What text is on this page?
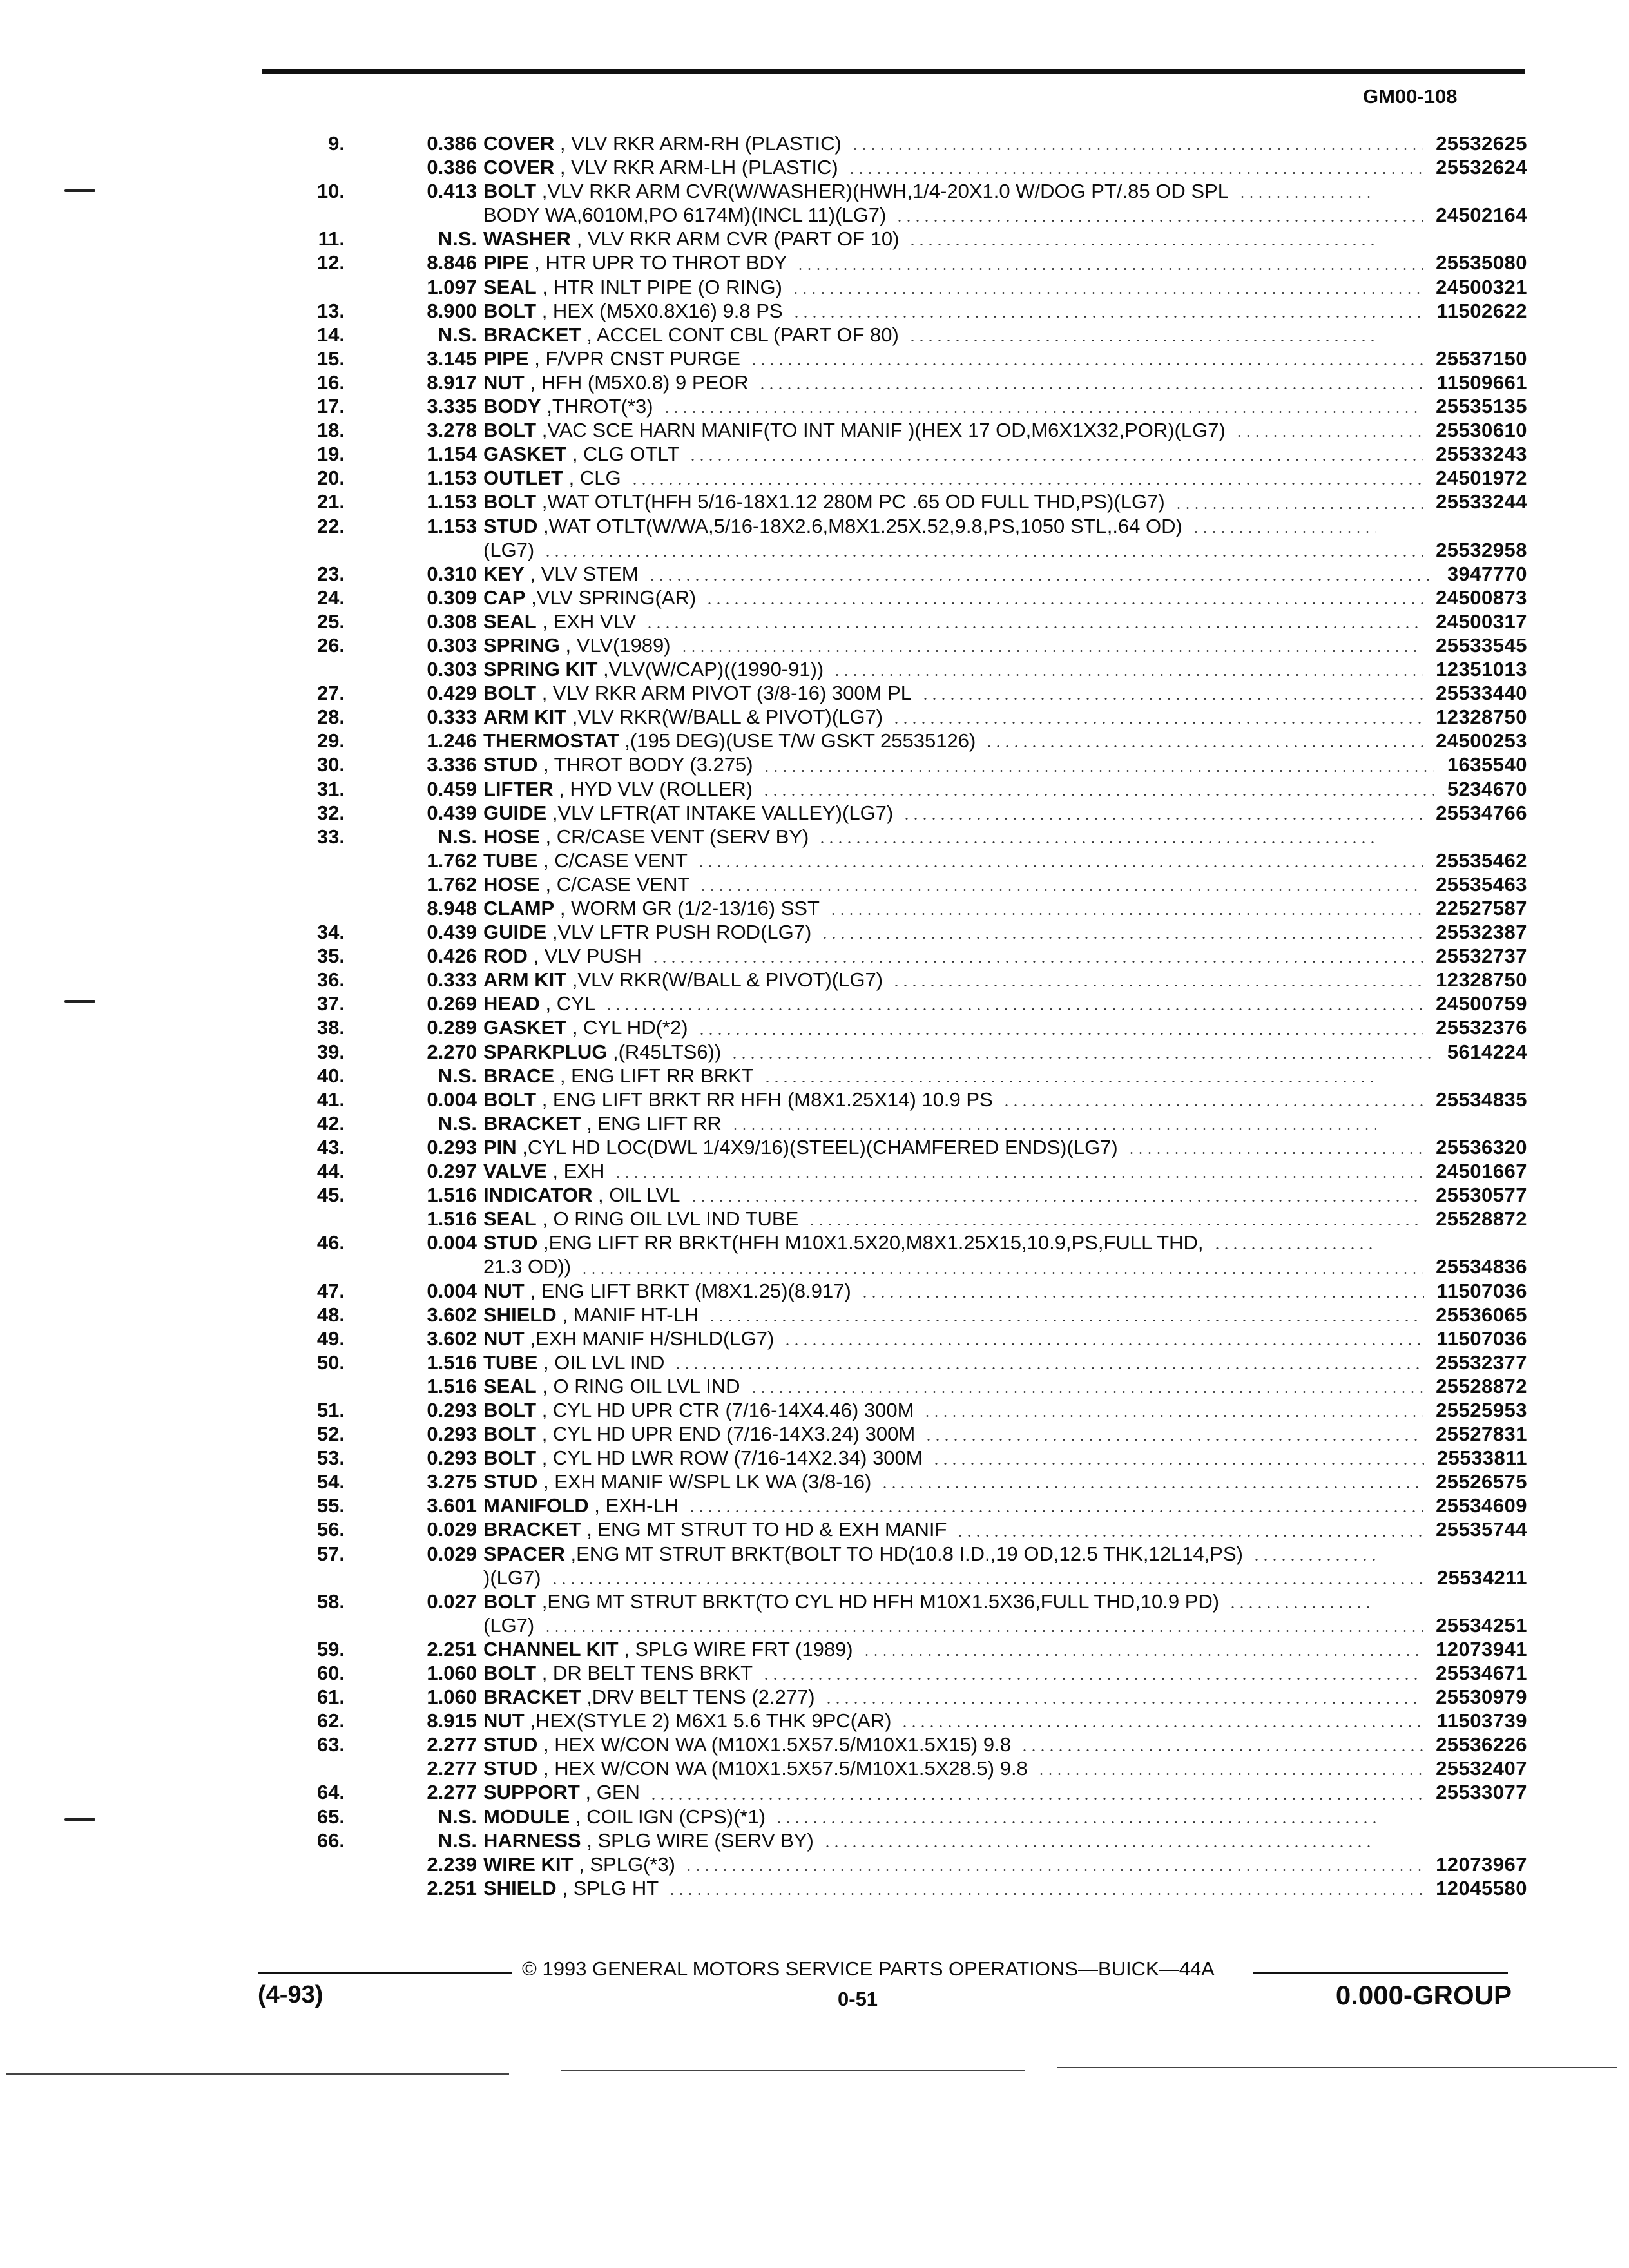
GM00-108
9.	0.386 COVER , VLV RKR ARM-RH (PLASTIC)	25532625
0.386 COVER , VLV RKR ARM-LH (PLASTIC)	25532624
10.	0.413 BOLT ,VLV RKR ARM CVR(W/WASHER)(HWH,1/4-20X1.0 W/DOG PT/.85 OD SPL
BODY WA,6010M,PO 6174M)(INCL 11)(LG7)	24502164
11.	N.S. WASHER , VLV RKR ARM CVR (PART OF 10)
12.	8.846 PIPE , HTR UPR TO THROT BDY	25535080
1.097 SEAL , HTR INLT PIPE (O RING)	24500321
13.	8.900 BOLT , HEX (M5X0.8X16) 9.8 PS	11502622
14.	N.S. BRACKET , ACCEL CONT CBL (PART OF 80)
15.	3.145 PIPE , F/VPR CNST PURGE	25537150
16.	8.917 NUT , HFH (M5X0.8) 9 PEOR	11509661
17.	3.335 BODY ,THROT(*3)	25535135
18.	3.278 BOLT ,VAC SCE HARN MANIF(TO INT MANIF )(HEX 17 OD,M6X1X32,POR)(LG7)	25530610
19.	1.154 GASKET , CLG OTLT	25533243
20.	1.153 OUTLET , CLG	24501972
21.	1.153 BOLT ,WAT OTLT(HFH 5/16-18X1.12 280M PC .65 OD FULL THD,PS)(LG7)	25533244
22.	1.153 STUD ,WAT OTLT(W/WA,5/16-18X2.6,M8X1.25X.52,9.8,PS,1050 STL,.64 OD)
(LG7)	25532958
23.	0.310 KEY , VLV STEM	3947770
24.	0.309 CAP ,VLV SPRING(AR)	24500873
25.	0.308 SEAL , EXH VLV	24500317
26.	0.303 SPRING , VLV(1989)	25533545
0.303 SPRING KIT ,VLV(W/CAP)((1990-91))	12351013
27.	0.429 BOLT , VLV RKR ARM PIVOT (3/8-16) 300M PL	25533440
28.	0.333 ARM KIT ,VLV RKR(W/BALL & PIVOT)(LG7)	12328750
29.	1.246 THERMOSTAT ,(195 DEG)(USE T/W GSKT 25535126)	24500253
30.	3.336 STUD , THROT BODY (3.275)	1635540
31.	0.459 LIFTER , HYD VLV (ROLLER)	5234670
32.	0.439 GUIDE ,VLV LFTR(AT INTAKE VALLEY)(LG7)	25534766
33.	N.S. HOSE , CR/CASE VENT (SERV BY)
1.762 TUBE , C/CASE VENT	25535462
1.762 HOSE , C/CASE VENT	25535463
8.948 CLAMP , WORM GR (1/2-13/16) SST	22527587
34.	0.439 GUIDE ,VLV LFTR PUSH ROD(LG7)	25532387
35.	0.426 ROD , VLV PUSH	25532737
36.	0.333 ARM KIT ,VLV RKR(W/BALL & PIVOT)(LG7)	12328750
37.	0.269 HEAD , CYL	24500759
38.	0.289 GASKET , CYL HD(*2)	25532376
39.	2.270 SPARKPLUG ,(R45LTS6))	5614224
40.	N.S. BRACE , ENG LIFT RR BRKT
41.	0.004 BOLT , ENG LIFT BRKT RR HFH (M8X1.25X14) 10.9 PS	25534835
42.	N.S. BRACKET , ENG LIFT RR
43.	0.293 PIN ,CYL HD LOC(DWL 1/4X9/16)(STEEL)(CHAMFERED ENDS)(LG7)	25536320
44.	0.297 VALVE , EXH	24501667
45.	1.516 INDICATOR , OIL LVL	25530577
1.516 SEAL , O RING OIL LVL IND TUBE	25528872
46.	0.004 STUD ,ENG LIFT RR BRKT(HFH M10X1.5X20,M8X1.25X15,10.9,PS,FULL THD,
21.3 OD))	25534836
47.	0.004 NUT , ENG LIFT BRKT (M8X1.25)(8.917)	11507036
48.	3.602 SHIELD , MANIF HT-LH	25536065
49.	3.602 NUT ,EXH MANIF H/SHLD(LG7)	11507036
50.	1.516 TUBE , OIL LVL IND	25532377
1.516 SEAL , O RING OIL LVL IND	25528872
51.	0.293 BOLT , CYL HD UPR CTR (7/16-14X4.46) 300M	25525953
52.	0.293 BOLT , CYL HD UPR END (7/16-14X3.24) 300M	25527831
53.	0.293 BOLT , CYL HD LWR ROW (7/16-14X2.34) 300M	25533811
54.	3.275 STUD , EXH MANIF W/SPL LK WA (3/8-16)	25526575
55.	3.601 MANIFOLD , EXH-LH	25534609
56.	0.029 BRACKET , ENG MT STRUT TO HD & EXH MANIF	25535744
57.	0.029 SPACER ,ENG MT STRUT BRKT(BOLT TO HD(10.8 I.D.,19 OD,12.5 THK,12L14,PS)
)(LG7)	25534211
58.	0.027 BOLT ,ENG MT STRUT BRKT(TO CYL HD HFH M10X1.5X36,FULL THD,10.9 PD)
(LG7)	25534251
59.	2.251 CHANNEL KIT , SPLG WIRE FRT (1989)	12073941
60.	1.060 BOLT , DR BELT TENS BRKT	25534671
61.	1.060 BRACKET ,DRV BELT TENS (2.277)	25530979
62.	8.915 NUT ,HEX(STYLE 2) M6X1 5.6 THK 9PC(AR)	11503739
63.	2.277 STUD , HEX W/CON WA (M10X1.5X57.5/M10X1.5X15) 9.8	25536226
2.277 STUD , HEX W/CON WA (M10X1.5X57.5/M10X1.5X28.5) 9.8	25532407
64.	2.277 SUPPORT , GEN	25533077
65.	N.S. MODULE , COIL IGN (CPS)(*1)
66.	N.S. HARNESS , SPLG WIRE (SERV BY)
2.239 WIRE KIT , SPLG(*3)	12073967
2.251 SHIELD , SPLG HT	12045580
© 1993 GENERAL MOTORS SERVICE PARTS OPERATIONS—BUICK—44A
(4-93)	0-51	0.000-GROUP
